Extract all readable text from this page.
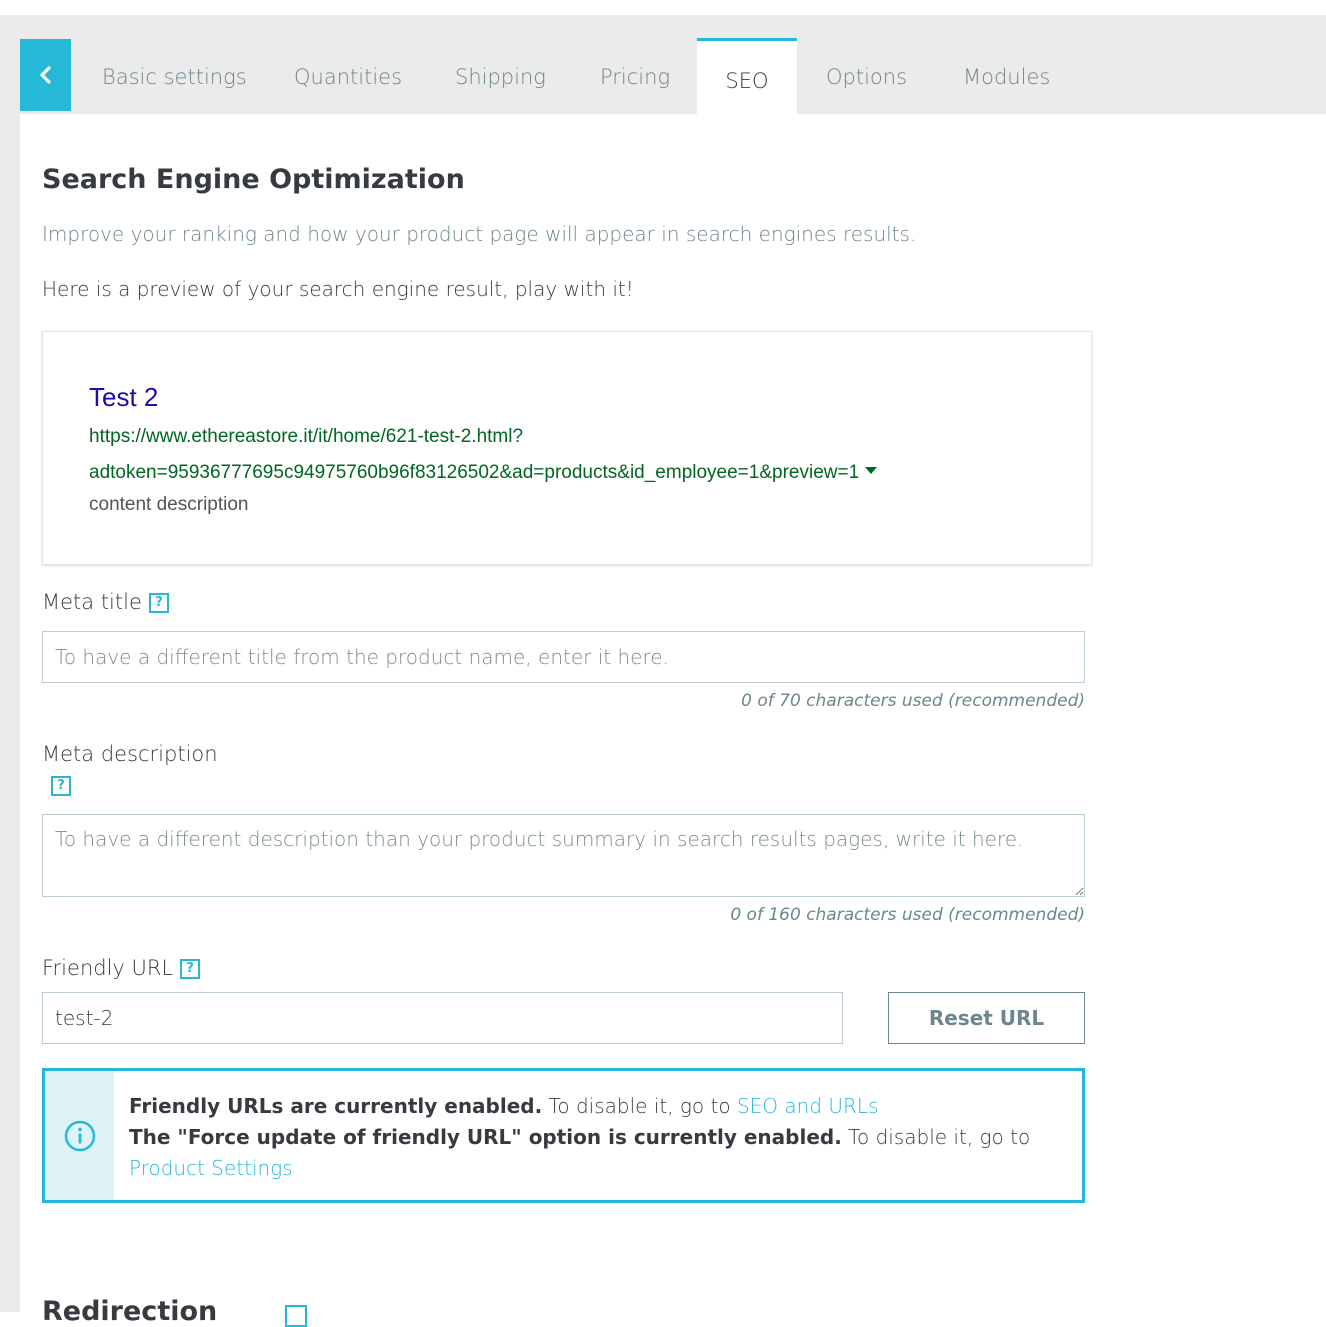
Basic settings Quantities	Shipping	Pricing	SEO	Options	Modules
Search Engine Optimization
Improve your ranking and how your product page will appear in search engines results.
Here is a preview of your search engine result, play with it!
Test 2
https://www.ethereastore.it/it/home/621-test-2.html?
adtoken=95936777695c94975760b96f83126502&ad=products&id_employee=1&preview=1
content description
Meta title	?
To have a different title from the product name, enter it here.
0 of 70 characters used (recommended)
Meta description
?
To have a different description than your product summary in search results pages, write it here.
0 of 160 characters used (recommended)
Friendly URL	?
test-2
Reset URL
Friendly URLs are currently enabled. To disable it, go to SEO and URLs
The "Force update of friendly URL" option is currently enabled. To disable it, go to Product Settings
Redirection
